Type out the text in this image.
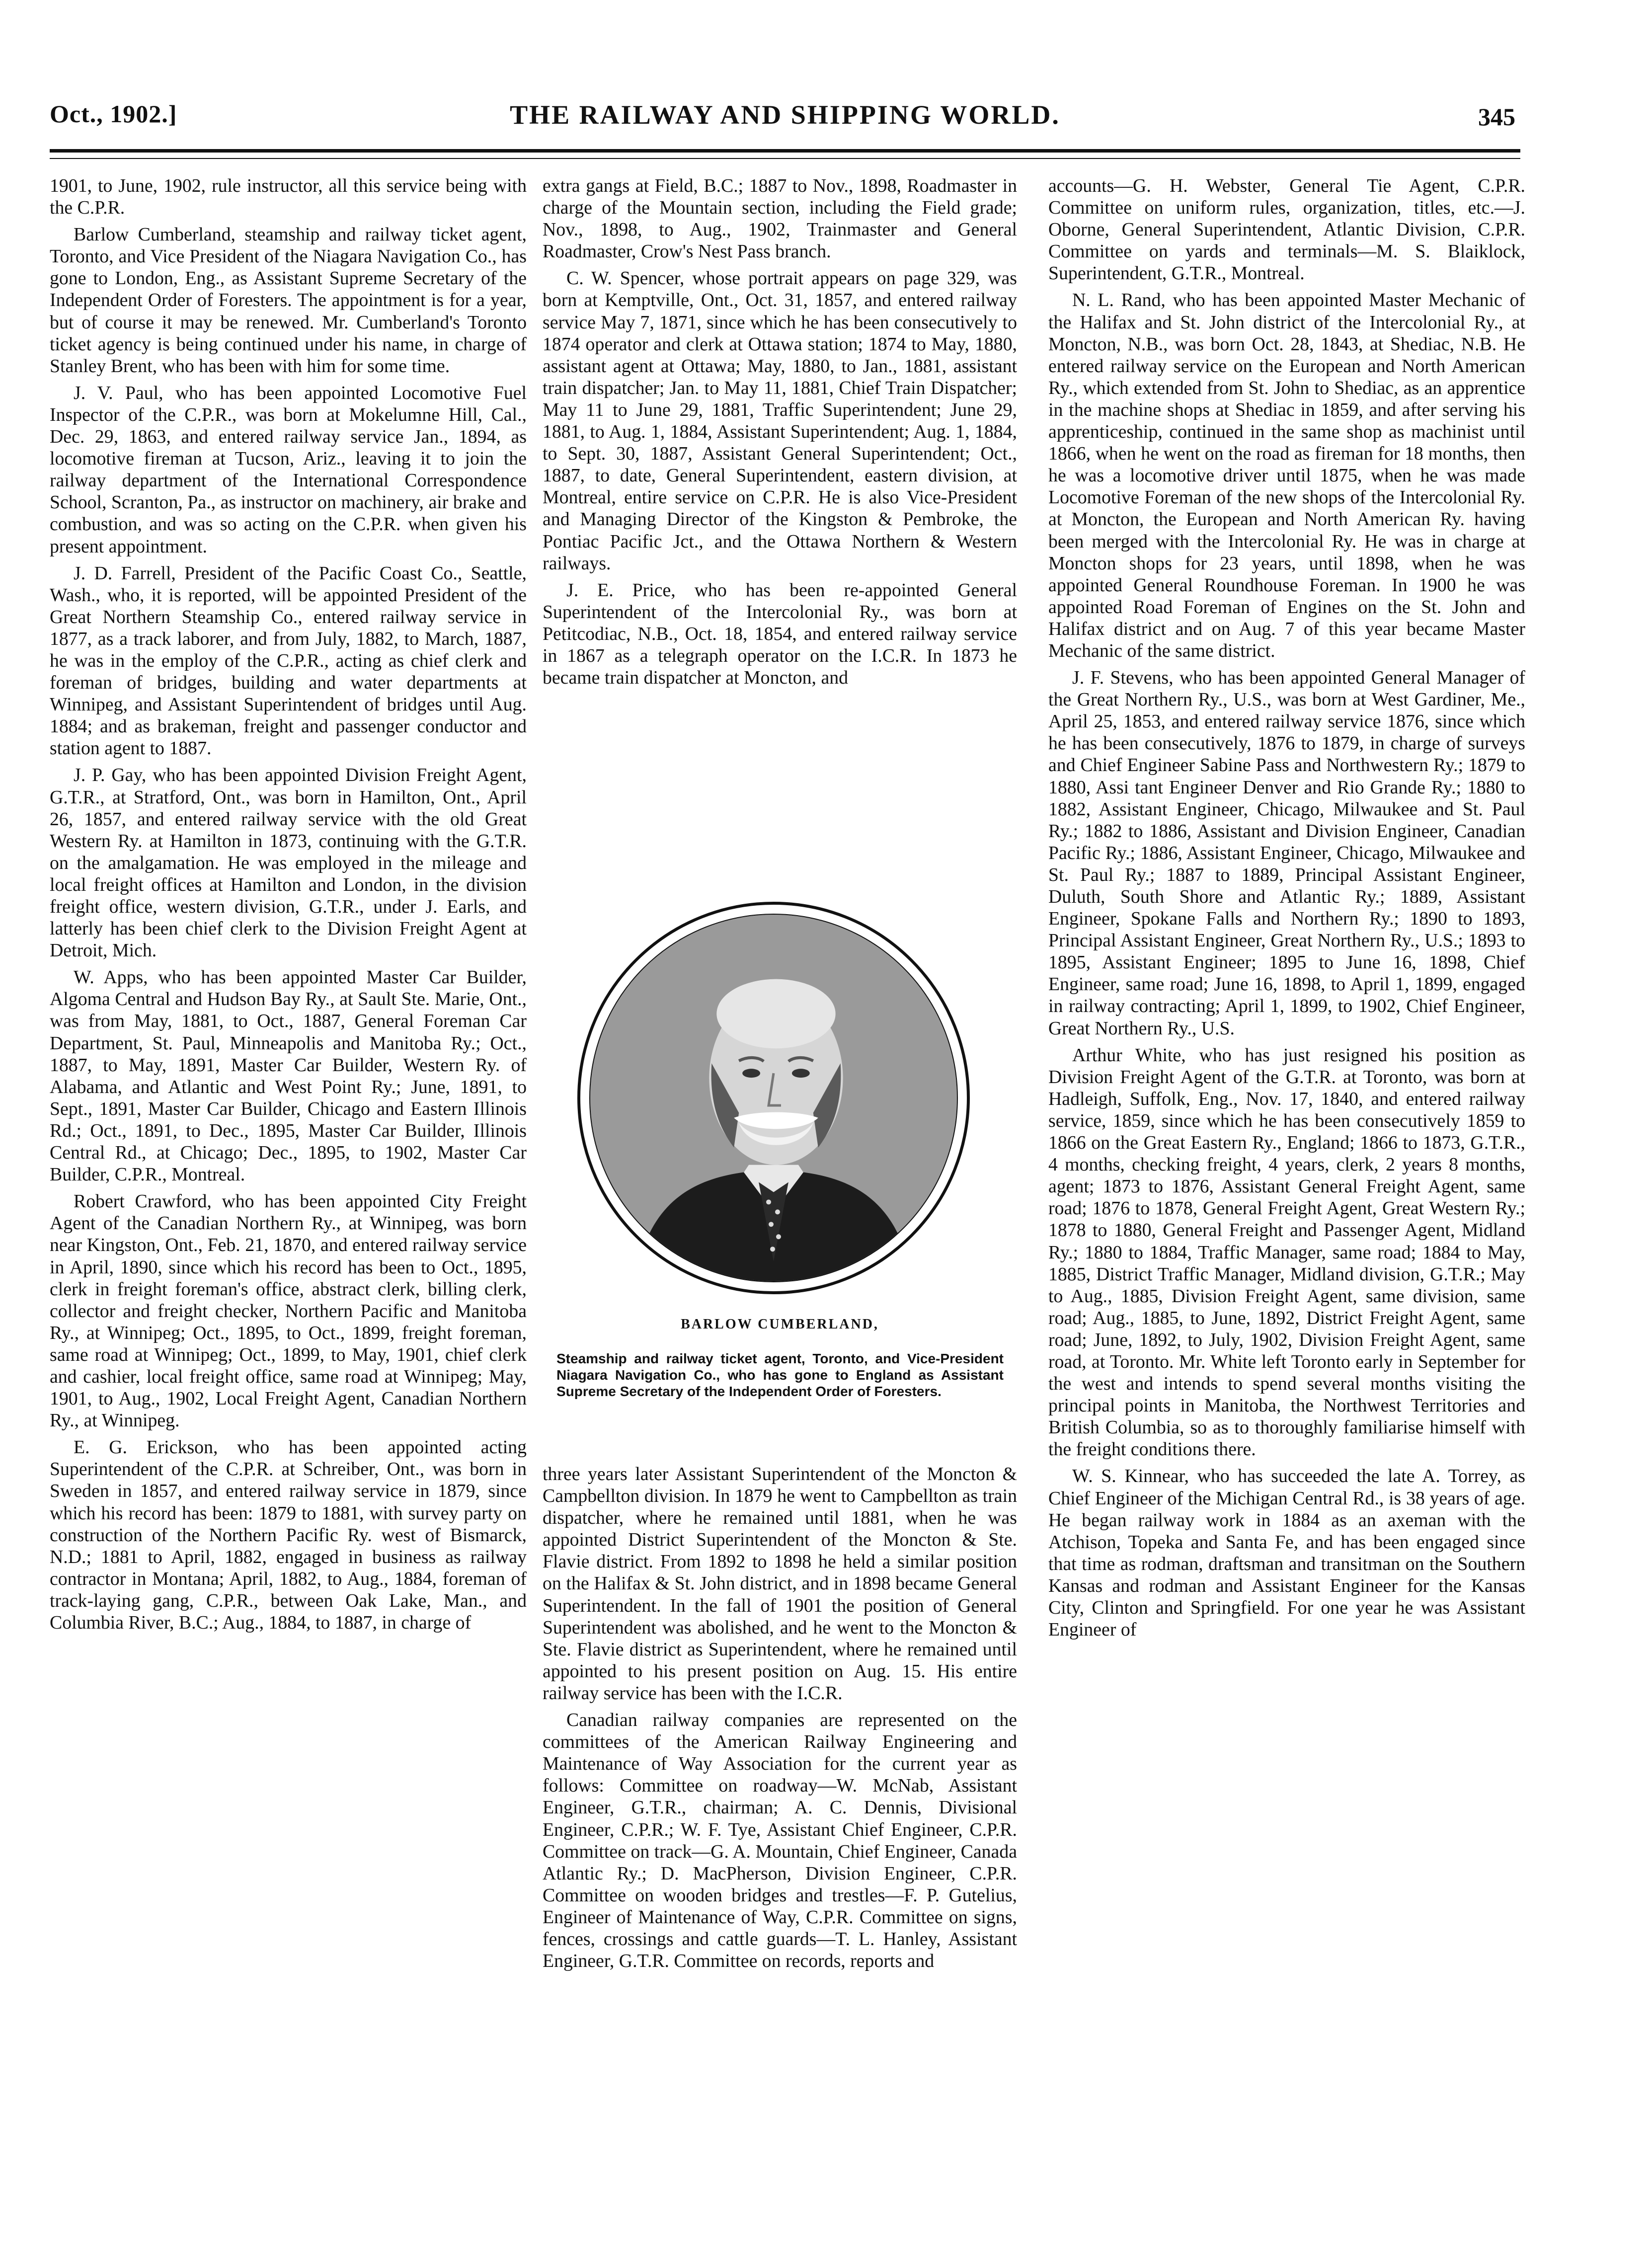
Oct., 1902.]	THE RAILWAY AND SHIPPING WORLD.	345

1901, to June, 1902, rule instructor, all this service being with the C.P.R.

Barlow Cumberland, steamship and railway ticket agent, Toronto, and Vice President of the Niagara Navigation Co., has gone to London, Eng., as Assistant Supreme Secretary of the Independent Order of Foresters. The appointment is for a year, but of course it may be renewed. Mr. Cumberland's Toronto ticket agency is being continued under his name, in charge of Stanley Brent, who has been with him for some time.

J. V. Paul, who has been appointed Locomotive Fuel Inspector of the C.P.R., was born at Mokelumne Hill, Cal., Dec. 29, 1863, and entered railway service Jan., 1894, as locomotive fireman at Tucson, Ariz., leaving it to join the railway department of the International Correspondence School, Scranton, Pa., as instructor on machinery, air brake and combustion, and was so acting on the C.P.R. when given his present appointment.

J. D. Farrell, President of the Pacific Coast Co., Seattle, Wash., who, it is reported, will be appointed President of the Great Northern Steamship Co., entered railway service in 1877, as a track laborer, and from July, 1882, to March, 1887, he was in the employ of the C.P.R., acting as chief clerk and foreman of bridges, building and water departments at Winnipeg, and Assistant Superintendent of bridges until Aug. 1884; and as brakeman, freight and passenger conductor and station agent to 1887.

J. P. Gay, who has been appointed Division Freight Agent, G.T.R., at Stratford, Ont., was born in Hamilton, Ont., April 26, 1857, and entered railway service with the old Great Western Ry. at Hamilton in 1873, continuing with the G.T.R. on the amalgamation. He was employed in the mileage and local freight offices at Hamilton and London, in the division freight office, western division, G.T.R., under J. Earls, and latterly has been chief clerk to the Division Freight Agent at Detroit, Mich.

W. Apps, who has been appointed Master Car Builder, Algoma Central and Hudson Bay Ry., at Sault Ste. Marie, Ont., was from May, 1881, to Oct., 1887, General Foreman Car Department, St. Paul, Minneapolis and Manitoba Ry.; Oct., 1887, to May, 1891, Master Car Builder, Western Ry. of Alabama, and Atlantic and West Point Ry.; June, 1891, to Sept., 1891, Master Car Builder, Chicago and Eastern Illinois Rd.; Oct., 1891, to Dec., 1895, Master Car Builder, Illinois Central Rd., at Chicago; Dec., 1895, to 1902, Master Car Builder, C.P.R., Montreal.

Robert Crawford, who has been appointed City Freight Agent of the Canadian Northern Ry., at Winnipeg, was born near Kingston, Ont., Feb. 21, 1870, and entered railway service in April, 1890, since which his record has been to Oct., 1895, clerk in freight foreman's office, abstract clerk, billing clerk, collector and freight checker, Northern Pacific and Manitoba Ry., at Winnipeg; Oct., 1895, to Oct., 1899, freight foreman, same road at Winnipeg; Oct., 1899, to May, 1901, chief clerk and cashier, local freight office, same road at Winnipeg; May, 1901, to Aug., 1902, Local Freight Agent, Canadian Northern Ry., at Winnipeg.

E. G. Erickson, who has been appointed acting Superintendent of the C.P.R. at Schreiber, Ont., was born in Sweden in 1857, and entered railway service in 1879, since which his record has been: 1879 to 1881, with survey party on construction of the Northern Pacific Ry. west of Bismarck, N.D.; 1881 to April, 1882, engaged in business as railway contractor in Montana; April, 1882, to Aug., 1884, foreman of track-laying gang, C.P.R., between Oak Lake, Man., and Columbia River, B.C.; Aug., 1884, to 1887, in charge of

extra gangs at Field, B.C.; 1887 to Nov., 1898, Roadmaster in charge of the Mountain section, including the Field grade; Nov., 1898, to Aug., 1902, Trainmaster and General Roadmaster, Crow's Nest Pass branch.

C. W. Spencer, whose portrait appears on page 329, was born at Kemptville, Ont., Oct. 31, 1857, and entered railway service May 7, 1871, since which he has been consecutively to 1874 operator and clerk at Ottawa station; 1874 to May, 1880, assistant agent at Ottawa; May, 1880, to Jan., 1881, assistant train dispatcher; Jan. to May 11, 1881, Chief Train Dispatcher; May 11 to June 29, 1881, Traffic Superintendent; June 29, 1881, to Aug. 1, 1884, Assistant Superintendent; Aug. 1, 1884, to Sept. 30, 1887, Assistant General Superintendent; Oct., 1887, to date, General Superintendent, eastern division, at Montreal, entire service on C.P.R. He is also Vice-President and Managing Director of the Kingston & Pembroke, the Pontiac Pacific Jct., and the Ottawa Northern & Western railways.

J. E. Price, who has been re-appointed General Superintendent of the Intercolonial Ry., was born at Petitcodiac, N.B., Oct. 18, 1854, and entered railway service in 1867 as a telegraph operator on the I.C.R. In 1873 he became train dispatcher at Moncton, and

accounts—G. H. Webster, General Tie Agent, C.P.R. Committee on uniform rules, organization, titles, etc.—J. Oborne, General Superintendent, Atlantic Division, C.P.R. Committee on yards and terminals—M. S. Blaiklock, Superintendent, G.T.R., Montreal.

N. L. Rand, who has been appointed Master Mechanic of the Halifax and St. John district of the Intercolonial Ry., at Moncton, N.B., was born Oct. 28, 1843, at Shediac, N.B. He entered railway service on the European and North American Ry., which extended from St. John to Shediac, as an apprentice in the machine shops at Shediac in 1859, and after serving his apprenticeship, continued in the same shop as machinist until 1866, when he went on the road as fireman for 18 months, then he was a locomotive driver until 1875, when he was made Locomotive Foreman of the new shops of the Intercolonial Ry. at Moncton, the European and North American Ry. having been merged with the Intercolonial Ry. He was in charge at Moncton shops for 23 years, until 1898, when he was appointed General Roundhouse Foreman. In 1900 he was appointed Road Foreman of Engines on the St. John and Halifax district and on Aug. 7 of this year became Master Mechanic of the same district.

J. F. Stevens, who has been appointed General Manager of the Great Northern Ry., U.S., was born at West Gardiner, Me., April 25, 1853, and entered railway service 1876, since which he has been consecutively, 1876 to 1879, in charge of surveys and Chief Engineer Sabine Pass and Northwestern Ry.; 1879 to 1880, Assi tant Engineer Denver and Rio Grande Ry.; 1880 to 1882, Assistant Engineer, Chicago, Milwaukee and St. Paul Ry.; 1882 to 1886, Assistant and Division Engineer, Canadian Pacific Ry.; 1886, Assistant Engineer, Chicago, Milwaukee and St. Paul Ry.; 1887 to 1889, Principal Assistant Engineer, Duluth, South Shore and Atlantic Ry.; 1889, Assistant Engineer, Spokane Falls and Northern Ry.; 1890 to 1893, Principal Assistant Engineer, Great Northern Ry., U.S.; 1893 to 1895, Assistant Engineer; 1895 to June 16, 1898, Chief Engineer, same road; June 16, 1898, to April 1, 1899, engaged in railway contracting; April 1, 1899, to 1902, Chief Engineer, Great Northern Ry., U.S.

Arthur White, who has just resigned his position as Division Freight Agent of the G.T.R. at Toronto, was born at Hadleigh, Suffolk, Eng., Nov. 17, 1840, and entered railway service, 1859, since which he has been consecutively 1859 to 1866 on the Great Eastern Ry., England; 1866 to 1873, G.T.R., 4 months, checking freight, 4 years, clerk, 2 years 8 months, agent; 1873 to 1876, Assistant General Freight Agent, same road; 1876 to 1878, General Freight Agent, Great Western Ry.; 1878 to 1880, General Freight and Passenger Agent, Midland Ry.; 1880 to 1884, Traffic Manager, same road; 1884 to May, 1885, District Traffic Manager, Midland division, G.T.R.; May to Aug., 1885, Division Freight Agent, same division, same road; Aug., 1885, to June, 1892, District Freight Agent, same road; June, 1892, to July, 1902, Division Freight Agent, same road, at Toronto. Mr. White left Toronto early in September for the west and intends to spend several months visiting the principal points in Manitoba, the Northwest Territories and British Columbia, so as to thoroughly familiarise himself with the freight conditions there.

W. S. Kinnear, who has succeeded the late A. Torrey, as Chief Engineer of the Michigan Central Rd., is 38 years of age. He began railway work in 1884 as an axeman with the Atchison, Topeka and Santa Fe, and has been engaged since that time as rodman, draftsman and transitman on the Southern Kansas and rodman and Assistant Engineer for the Kansas City, Clinton and Springfield. For one year he was Assistant Engineer of

BARLOW CUMBERLAND,
Steamship and railway ticket agent, Toronto, and Vice-President Niagara Navigation Co., who has gone to England as Assistant Supreme Secretary of the Independent Order of Foresters.

three years later Assistant Superintendent of the Moncton & Campbellton division. In 1879 he went to Campbellton as train dispatcher, where he remained until 1881, when he was appointed District Superintendent of the Moncton & Ste. Flavie district. From 1892 to 1898 he held a similar position on the Halifax & St. John district, and in 1898 became General Superintendent. In the fall of 1901 the position of General Superintendent was abolished, and he went to the Moncton & Ste. Flavie district as Superintendent, where he remained until appointed to his present position on Aug. 15. His entire railway service has been with the I.C.R.

Canadian railway companies are represented on the committees of the American Railway Engineering and Maintenance of Way Association for the current year as follows: Committee on roadway—W. McNab, Assistant Engineer, G.T.R., chairman; A. C. Dennis, Divisional Engineer, C.P.R.; W. F. Tye, Assistant Chief Engineer, C.P.R. Committee on track—G. A. Mountain, Chief Engineer, Canada Atlantic Ry.; D. MacPherson, Division Engineer, C.P.R. Committee on wooden bridges and trestles—F. P. Gutelius, Engineer of Maintenance of Way, C.P.R. Committee on signs, fences, crossings and cattle guards—T. L. Hanley, Assistant Engineer, G.T.R. Committee on records, reports and
